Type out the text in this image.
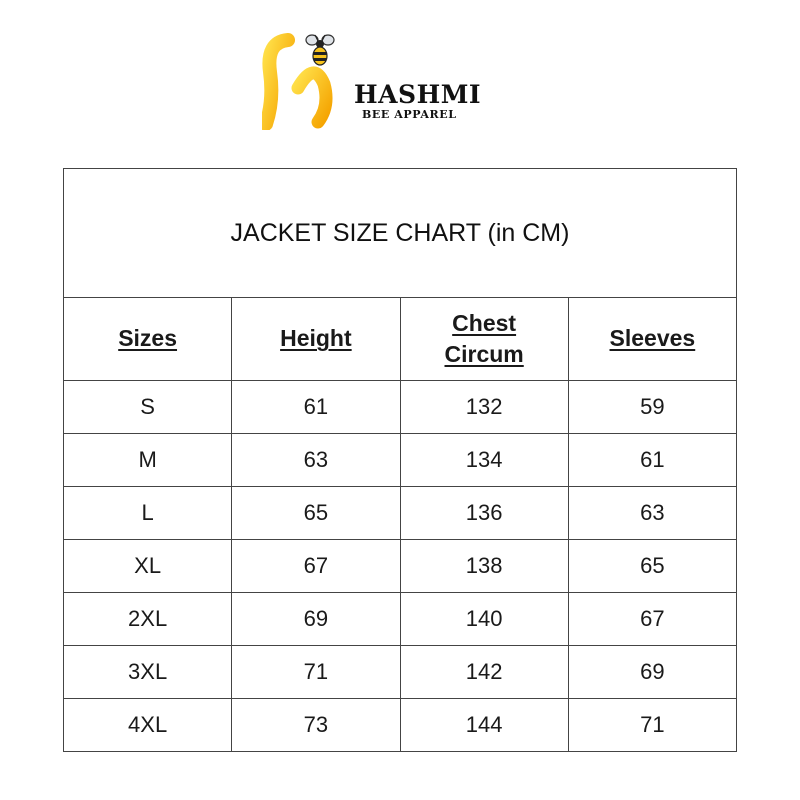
HASHMI
BEE APPAREL
JACKET SIZE CHART (in CM)			
Sizes	Height	Chest Circum	Sleeves
S	61	132	59
M	63	134	61
L	65	136	63
XL	67	138	65
2XL	69	140	67
3XL	71	142	69
4XL	73	144	71
